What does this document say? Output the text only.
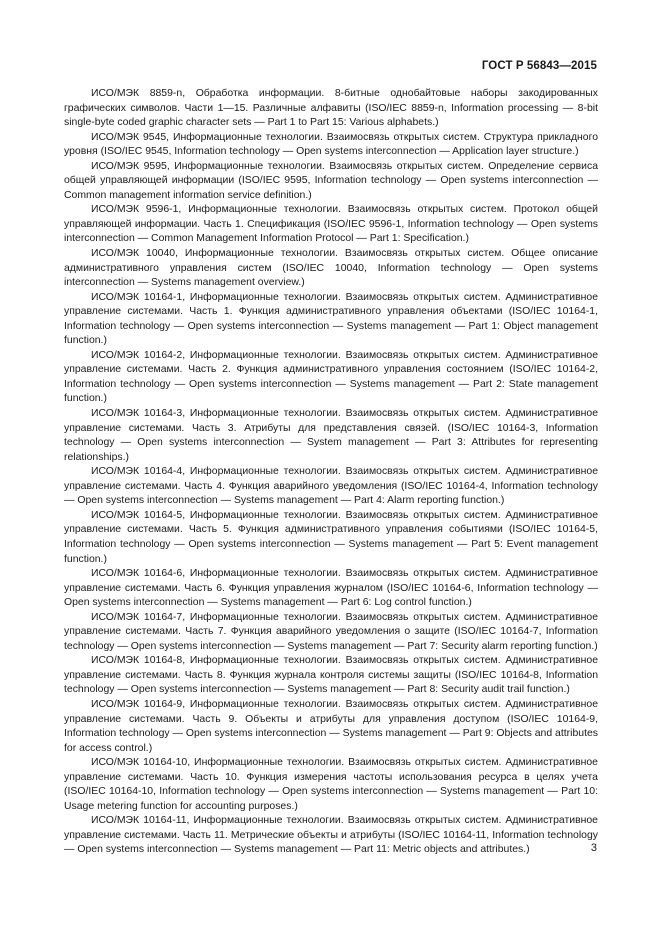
ГОСТ Р 56843—2015

ИСО/МЭК 8859-n, Обработка информации. 8-битные однобайтовые наборы закодированных графических символов. Части 1—15. Различные алфавиты (ISO/IEC 8859-n, Information processing — 8-bit single-byte coded graphic character sets — Part 1 to Part 15: Various alphabets.)

ИСО/МЭК 9545, Информационные технологии. Взаимосвязь открытых систем. Структура прикладного уровня (ISO/IEC 9545, Information technology — Open systems interconnection — Application layer structure.)

ИСО/МЭК 9595, Информационные технологии. Взаимосвязь открытых систем. Определение сервиса общей управляющей информации (ISO/IEC 9595, Information technology — Open systems interconnection — Common management information service definition.)

ИСО/МЭК 9596-1, Информационные технологии. Взаимосвязь открытых систем. Протокол общей управляющей информации. Часть 1. Спецификация (ISO/IEC 9596-1, Information technology — Open systems interconnection — Common Management Information Protocol — Part 1: Specification.)

ИСО/МЭК 10040, Информационные технологии. Взаимосвязь открытых систем. Общее описание административного управления систем (ISO/IEC 10040, Information technology — Open systems interconnection — Systems management overview.)

ИСО/МЭК 10164-1, Информационные технологии. Взаимосвязь открытых систем. Административное управление системами. Часть 1. Функция административного управления объектами (ISO/IEC 10164-1, Information technology — Open systems interconnection — Systems management — Part 1: Object management function.)

ИСО/МЭК 10164-2, Информационные технологии. Взаимосвязь открытых систем. Административное управление системами. Часть 2. Функция административного управления состоянием (ISO/IEC 10164-2, Information technology — Open systems interconnection — Systems management — Part 2: State management function.)

ИСО/МЭК 10164-3, Информационные технологии. Взаимосвязь открытых систем. Административное управление системами. Часть 3. Атрибуты для представления связей. (ISO/IEC 10164-3, Information technology — Open systems interconnection — System management — Part 3: Attributes for representing relationships.)

ИСО/МЭК 10164-4, Информационные технологии. Взаимосвязь открытых систем. Административное управление системами. Часть 4. Функция аварийного уведомления (ISO/IEC 10164-4, Information technology — Open systems interconnection — Systems management — Part 4: Alarm reporting function.)

ИСО/МЭК 10164-5, Информационные технологии. Взаимосвязь открытых систем. Административное управление системами. Часть 5. Функция административного управления событиями (ISO/IEC 10164-5, Information technology — Open systems interconnection — Systems management — Part 5: Event management function.)

ИСО/МЭК 10164-6, Информационные технологии. Взаимосвязь открытых систем. Административное управление системами. Часть 6. Функция управления журналом (ISO/IEC 10164-6, Information technology — Open systems interconnection — Systems management — Part 6: Log control function.)

ИСО/МЭК 10164-7, Информационные технологии. Взаимосвязь открытых систем. Административное управление системами. Часть 7. Функция аварийного уведомления о защите (ISO/IEC 10164-7, Information technology — Open systems interconnection — Systems management — Part 7: Security alarm reporting function.)

ИСО/МЭК 10164-8, Информационные технологии. Взаимосвязь открытых систем. Административное управление системами. Часть 8. Функция журнала контроля системы защиты (ISO/IEC 10164-8, Information technology — Open systems interconnection — Systems management — Part 8: Security audit trail function.)

ИСО/МЭК 10164-9, Информационные технологии. Взаимосвязь открытых систем. Административное управление системами. Часть 9. Объекты и атрибуты для управления доступом (ISO/IEC 10164-9, Information technology — Open systems interconnection — Systems management — Part 9: Objects and attributes for access control.)

ИСО/МЭК 10164-10, Информационные технологии. Взаимосвязь открытых систем. Административное управление системами. Часть 10. Функция измерения частоты использования ресурса в целях учета (ISO/IEC 10164-10, Information technology — Open systems interconnection — Systems management — Part 10: Usage metering function for accounting purposes.)

ИСО/МЭК 10164-11, Информационные технологии. Взаимосвязь открытых систем. Административное управление системами. Часть 11. Метрические объекты и атрибуты (ISO/IEC 10164-11, Information technology — Open systems interconnection — Systems management — Part 11: Metric objects and attributes.)	3
